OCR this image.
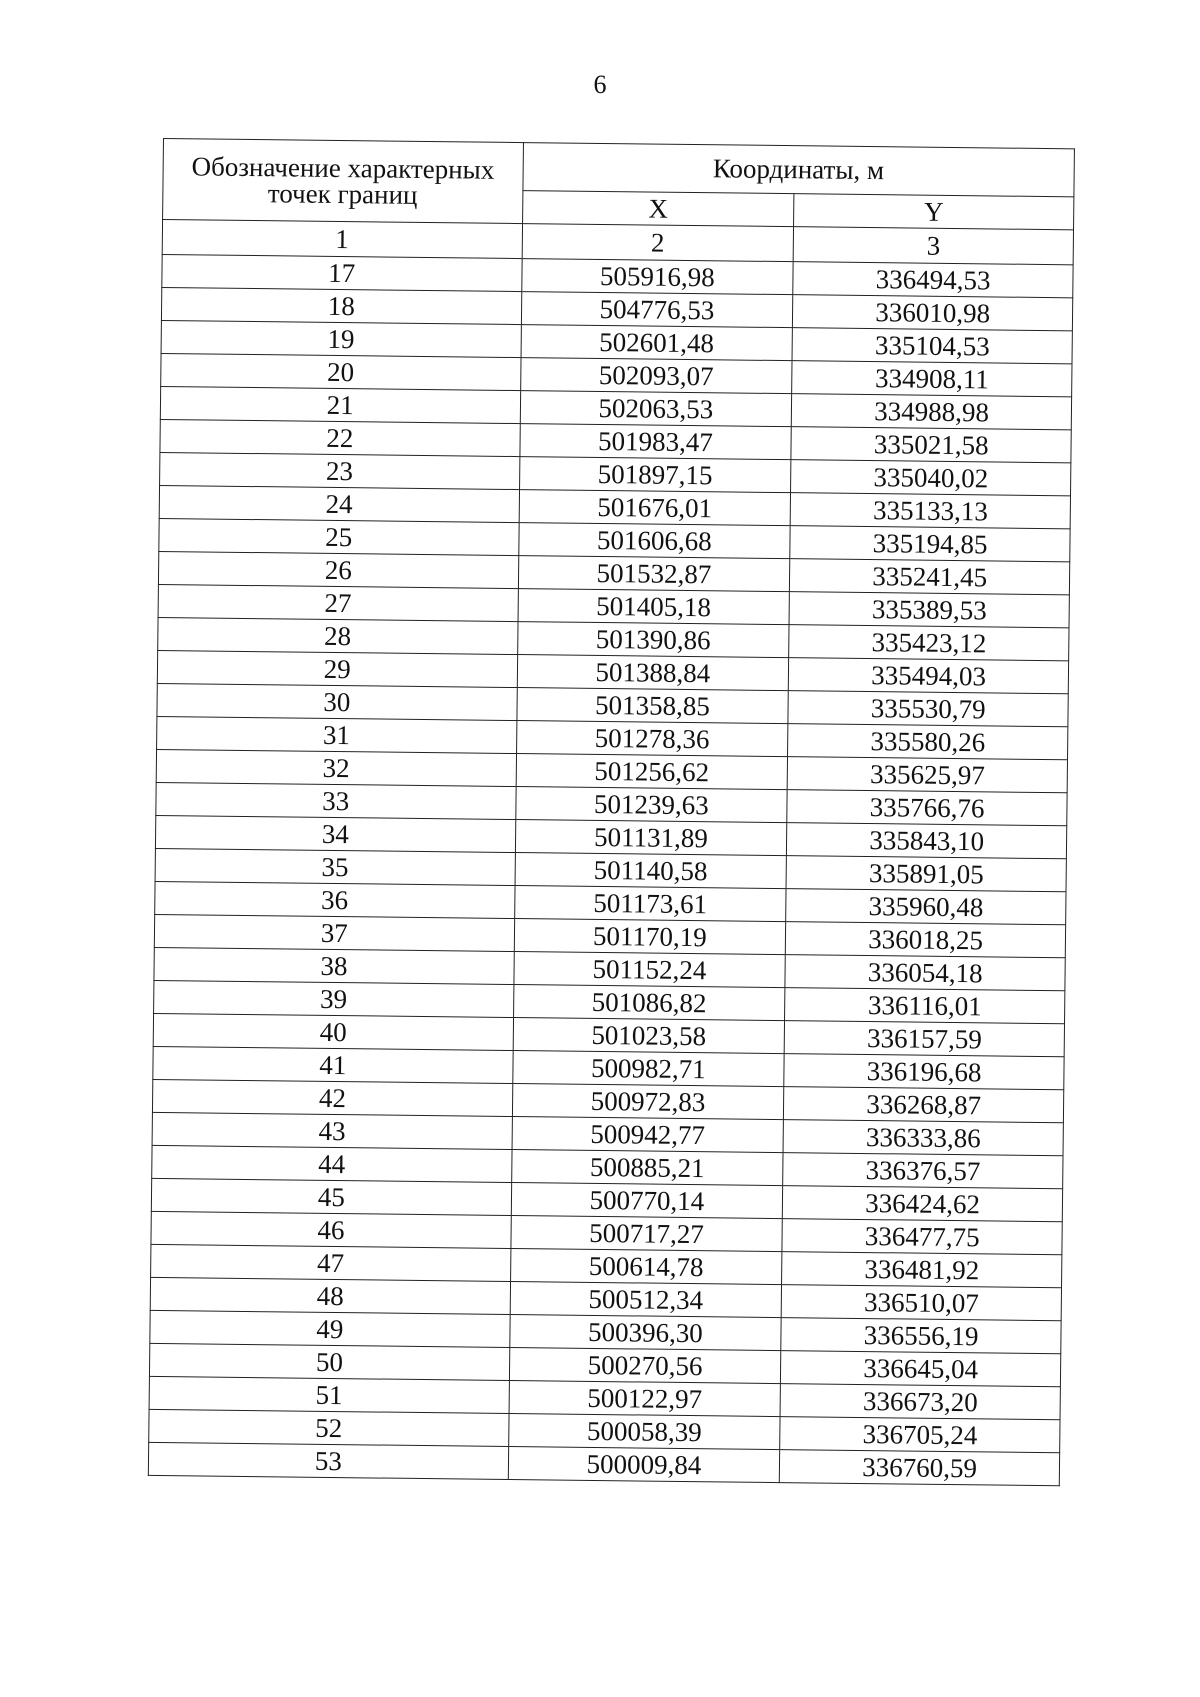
6
Обозначение характерных точек границ	Координаты, м	
	X	Y
1	2	3
17	505916,98	336494,53
18	504776,53	336010,98
19	502601,48	335104,53
20	502093,07	334908,11
21	502063,53	334988,98
22	501983,47	335021,58
23	501897,15	335040,02
24	501676,01	335133,13
25	501606,68	335194,85
26	501532,87	335241,45
27	501405,18	335389,53
28	501390,86	335423,12
29	501388,84	335494,03
30	501358,85	335530,79
31	501278,36	335580,26
32	501256,62	335625,97
33	501239,63	335766,76
34	501131,89	335843,10
35	501140,58	335891,05
36	501173,61	335960,48
37	501170,19	336018,25
38	501152,24	336054,18
39	501086,82	336116,01
40	501023,58	336157,59
41	500982,71	336196,68
42	500972,83	336268,87
43	500942,77	336333,86
44	500885,21	336376,57
45	500770,14	336424,62
46	500717,27	336477,75
47	500614,78	336481,92
48	500512,34	336510,07
49	500396,30	336556,19
50	500270,56	336645,04
51	500122,97	336673,20
52	500058,39	336705,24
53	500009,84	336760,59
